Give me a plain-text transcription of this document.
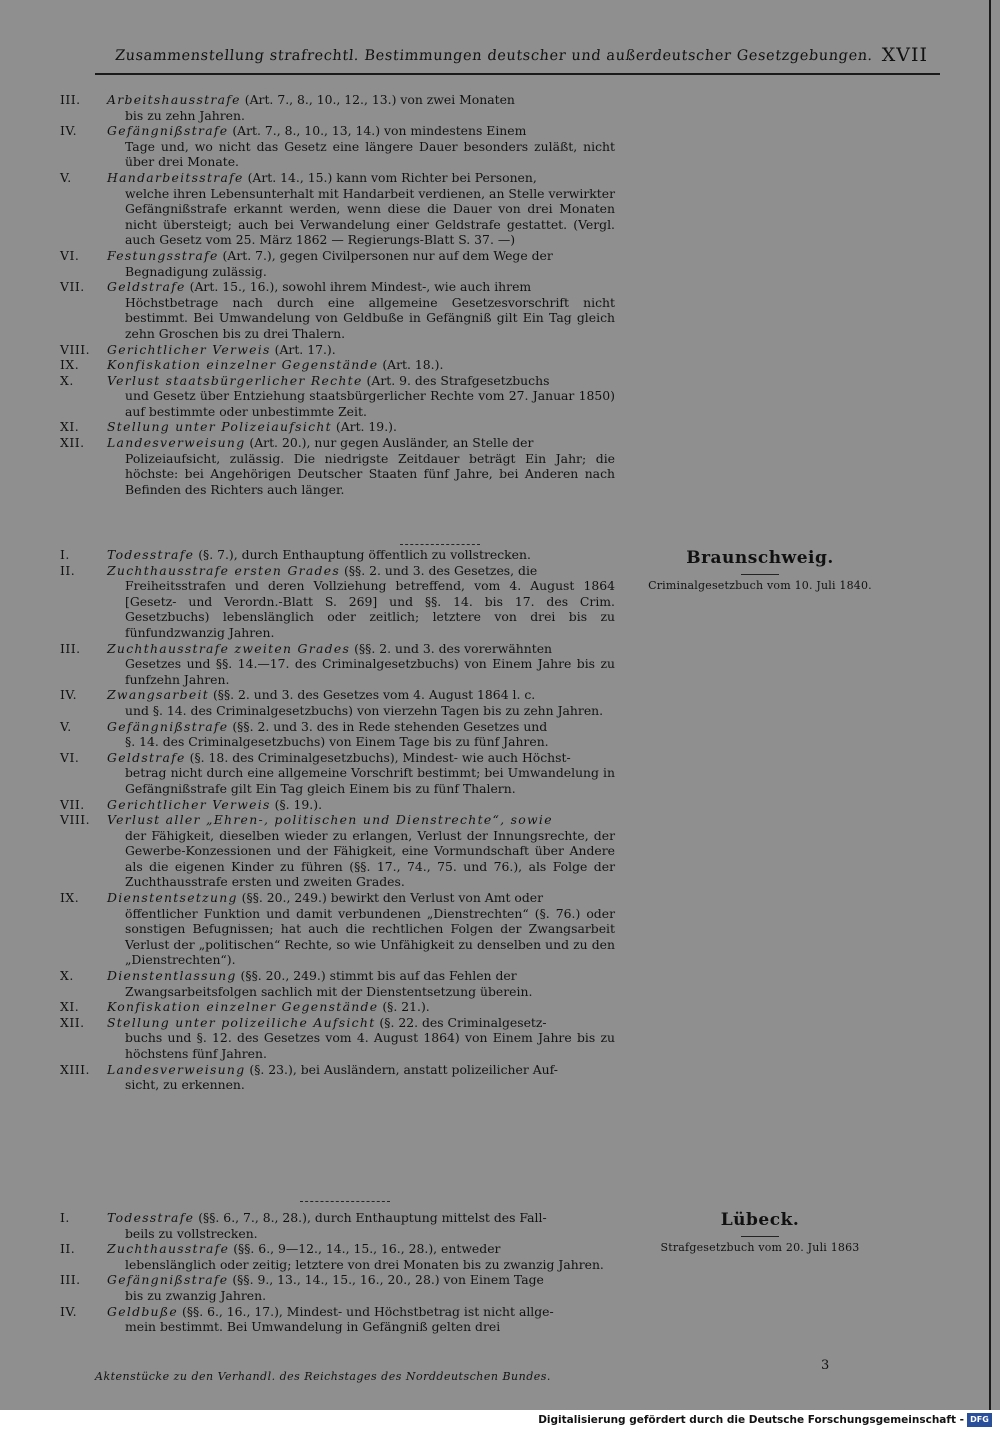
Zusammenstellung strafrechtl. Bestimmungen deutscher und außerdeutscher Gesetzgebungen. XVII
III.	Arbeitshausstrafe (Art. 7., 8., 10., 12., 13.) von zwei Monaten
bis zu zehn Jahren.
IV.	Gefängnißstrafe (Art. 7., 8., 10., 13, 14.) von mindestens Einem
Tage und, wo nicht das Gesetz eine längere Dauer besonders zuläßt, nicht über drei Monate.
V.	Handarbeitsstrafe (Art. 14., 15.) kann vom Richter bei Personen,
welche ihren Lebensunterhalt mit Handarbeit verdienen, an Stelle verwirkter Gefängnißstrafe erkannt werden, wenn diese die Dauer von drei Monaten nicht übersteigt; auch bei Verwandelung einer Geldstrafe gestattet. (Vergl. auch Gesetz vom 25. März 1862 — Regierungs-Blatt S. 37. —)
VI.	Festungsstrafe (Art. 7.), gegen Civilpersonen nur auf dem Wege der
Begnadigung zulässig.
VII.	Geldstrafe (Art. 15., 16.), sowohl ihrem Mindest-, wie auch ihrem
Höchstbetrage nach durch eine allgemeine Gesetzesvorschrift nicht bestimmt. Bei Umwandelung von Geldbuße in Gefängniß gilt Ein Tag gleich zehn Groschen bis zu drei Thalern.
VIII.	Gerichtlicher Verweis (Art. 17.).
IX.	Konfiskation einzelner Gegenstände (Art. 18.).
X.	Verlust staatsbürgerlicher Rechte (Art. 9. des Strafgesetzbuchs
und Gesetz über Entziehung staatsbürgerlicher Rechte vom 27. Januar 1850) auf bestimmte oder unbestimmte Zeit.
XI.	Stellung unter Polizeiaufsicht (Art. 19.).
XII.	Landesverweisung (Art. 20.), nur gegen Ausländer, an Stelle der
Polizeiaufsicht, zulässig. Die niedrigste Zeitdauer beträgt Ein Jahr; die höchste: bei Angehörigen Deutscher Staaten fünf Jahre, bei Anderen nach Befinden des Richters auch länger.
I.	Todesstrafe (§. 7.), durch Enthauptung öffentlich zu vollstrecken.
II.	Zuchthausstrafe ersten Grades (§§. 2. und 3. des Gesetzes, die
Freiheitsstrafen und deren Vollziehung betreffend, vom 4. August 1864 [Gesetz- und Verordn.-Blatt S. 269] und §§. 14. bis 17. des Crim. Gesetzbuchs) lebenslänglich oder zeitlich; letztere von drei bis zu fünfundzwanzig Jahren.
III.	Zuchthausstrafe zweiten Grades (§§. 2. und 3. des vorerwähnten
Gesetzes und §§. 14.—17. des Criminalgesetzbuchs) von Einem Jahre bis zu funfzehn Jahren.
IV.	Zwangsarbeit (§§. 2. und 3. des Gesetzes vom 4. August 1864 l. c.
und §. 14. des Criminalgesetzbuchs) von vierzehn Tagen bis zu zehn Jahren.
V.	Gefängnißstrafe (§§. 2. und 3. des in Rede stehenden Gesetzes und
§. 14. des Criminalgesetzbuchs) von Einem Tage bis zu fünf Jahren.
VI.	Geldstrafe (§. 18. des Criminalgesetzbuchs), Mindest- wie auch Höchst-
betrag nicht durch eine allgemeine Vorschrift bestimmt; bei Umwandelung in Gefängnißstrafe gilt Ein Tag gleich Einem bis zu fünf Thalern.
VII.	Gerichtlicher Verweis (§. 19.).
VIII.	Verlust aller „Ehren-, politischen und Dienstrechte“, sowie
der Fähigkeit, dieselben wieder zu erlangen, Verlust der Innungsrechte, der Gewerbe-Konzessionen und der Fähigkeit, eine Vormundschaft über Andere als die eigenen Kinder zu führen (§§. 17., 74., 75. und 76.), als Folge der Zuchthausstrafe ersten und zweiten Grades.
IX.	Dienstentsetzung (§§. 20., 249.) bewirkt den Verlust von Amt oder
öffentlicher Funktion und damit verbundenen „Dienstrechten“ (§. 76.) oder sonstigen Befugnissen; hat auch die rechtlichen Folgen der Zwangsarbeit Verlust der „politischen“ Rechte, so wie Unfähigkeit zu denselben und zu den „Dienstrechten“).
X.	Dienstentlassung (§§. 20., 249.) stimmt bis auf das Fehlen der
Zwangsarbeitsfolgen sachlich mit der Dienstentsetzung überein.
XI.	Konfiskation einzelner Gegenstände (§. 21.).
XII.	Stellung unter polizeiliche Aufsicht (§. 22. des Criminalgesetz-
buchs und §. 12. des Gesetzes vom 4. August 1864) von Einem Jahre bis zu höchstens fünf Jahren.
XIII.	Landesverweisung (§. 23.), bei Ausländern, anstatt polizeilicher Auf-
sicht, zu erkennen.
I.	Todesstrafe (§§. 6., 7., 8., 28.), durch Enthauptung mittelst des Fall-
beils zu vollstrecken.
II.	Zuchthausstrafe (§§. 6., 9—12., 14., 15., 16., 28.), entweder
lebenslänglich oder zeitig; letztere von drei Monaten bis zu zwanzig Jahren.
III.	Gefängnißstrafe (§§. 9., 13., 14., 15., 16., 20., 28.) von Einem Tage
bis zu zwanzig Jahren.
IV.	Geldbuße (§§. 6., 16., 17.), Mindest- und Höchstbetrag ist nicht allge-
mein bestimmt. Bei Umwandelung in Gefängniß gelten drei
Braunschweig.
Criminalgesetzbuch vom 10. Juli 1840.
Lübeck.
Strafgesetzbuch vom 20. Juli 1863
Aktenstücke zu den Verhandl. des Reichstages des Norddeutschen Bundes.
3
Digitalisierung gefördert durch die Deutsche Forschungsgemeinschaft - DFG
